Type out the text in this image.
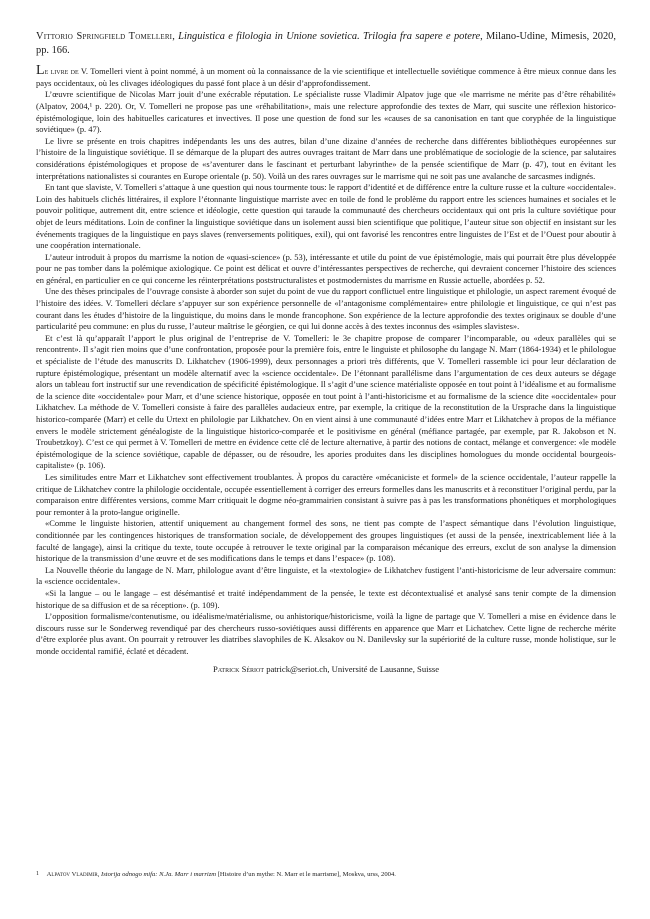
Vittorio Springfield Tomelleri, Linguistica e filologia in Unione sovietica. Trilogia fra sapere e potere, Milano-Udine, Mimesis, 2020, pp. 166.

Le livre de V. Tomelleri vient à point nommé, à un moment où la connaissance de la vie scientifique et intellectuelle soviétique commence à être mieux connue dans les pays occidentaux, où les clivages idéologiques du passé font place à un désir d’approfondissement.

L’œuvre scientifique de Nicolas Marr jouit d’une exécrable réputation. Le spécialiste russe Vladimir Alpatov juge que «le marrisme ne mérite pas d’être réhabilité» (Alpatov, 2004,¹ p. 220). Or, V. Tomelleri ne propose pas une «réhabilitation», mais une relecture approfondie des textes de Marr, qui suscite une réflexion historico-épistémologique, loin des habituelles caricatures et invectives. Il pose une question de fond sur les «causes de sa canonisation en tant que coryphée de la linguistique soviétique» (p. 47).

Le livre se présente en trois chapitres indépendants les uns des autres, bilan d’une dizaine d’années de recherche dans différentes bibliothèques européennes sur l’histoire de la linguistique soviétique. Il se démarque de la plupart des autres ouvrages traitant de Marr dans une problématique de sociologie de la science, par salutaires considérations épistémologiques et propose de «s’aventurer dans le fascinant et perturbant labyrinthe» de la pensée scientifique de Marr (p. 47), tout en évitant les interprétations nationalistes si courantes en Europe orientale (p. 50). Voilà un des rares ouvrages sur le marrisme qui ne soit pas une avalanche de sarcasmes indignés.

En tant que slaviste, V. Tomelleri s’attaque à une question qui nous tourmente tous: le rapport d’identité et de différence entre la culture russe et la culture «occidentale». Loin des habituels clichés littéraires, il explore l’étonnante linguistique marriste avec en toile de fond le problème du rapport entre les sciences humaines et sociales et le pouvoir politique, autrement dit, entre science et idéologie, cette question qui taraude la communauté des chercheurs occidentaux qui ont pris la culture soviétique pour objet de leurs méditations. Loin de confiner la linguistique soviétique dans un isolement aussi bien scientifique que politique, l’auteur situe son objectif en insistant sur les événements tragiques de la linguistique en pays slaves (renversements politiques, exil), qui ont favorisé les rencontres entre linguistes de l’Est et de l’Ouest pour aboutir à une coopération internationale.

L’auteur introduit à propos du marrisme la notion de «quasi-science» (p. 53), intéressante et utile du point de vue épistémologie, mais qui pourrait être plus développée pour ne pas tomber dans la polémique axiologique. Ce point est délicat et ouvre d’intéressantes perspectives de recherche, qui devraient concerner l’histoire des sciences en général, en particulier en ce qui concerne les réinterprétations poststructuralistes et postmodernistes du marrisme en Russie actuelle, abordées p. 52.

Une des thèses principales de l’ouvrage consiste à aborder son sujet du point de vue du rapport conflictuel entre linguistique et philologie, un aspect rarement évoqué de l’histoire des idées. V. Tomelleri déclare s’appuyer sur son expérience personnelle de «l’antagonisme complémentaire» entre philologie et linguistique, ce qui n’est pas courant dans les études d’histoire de la linguistique, du moins dans le monde francophone. Son expérience de la lecture approfondie des textes originaux se double d’une particularité peu commune: en plus du russe, l’auteur maîtrise le géorgien, ce qui lui donne accès à des textes inconnus des «simples slavistes».

Et c’est là qu’apparaît l’apport le plus original de l’entreprise de V. Tomelleri: le 3e chapitre propose de comparer l’incomparable, ou «deux parallèles qui se rencontrent». Il s’agit rien moins que d’une confrontation, proposée pour la première fois, entre le linguiste et philosophe du langage N. Marr (1864-1934) et le philologue et spécialiste de l’étude des manuscrits D. Likhatchev (1906-1999), deux personnages a priori très différents, que V. Tomelleri rassemble ici pour leur déclaration de rupture épistémologique, présentant un modèle alternatif avec la «science occidentale». De l’étonnant parallélisme dans l’argumentation de ces deux auteurs se dégage alors un tableau fort instructif sur une revendication de spécificité épistémologique. Il s’agit d’une science matérialiste opposée en tout point à l’idéalisme et au formalisme de la science dite «occidentale» pour Marr, et d’une science historique, opposée en tout point à l’anti-historicisme et au formalisme de la science dite «occidentale» pour Likhatchev. La méthode de V. Tomelleri consiste à faire des parallèles audacieux entre, par exemple, la critique de la reconstitution de la Ursprache dans la linguistique historico-comparée (Marr) et celle du Urtext en philologie par Likhatchev. On en vient ainsi à une communauté d’idées entre Marr et Likhatchev à propos de la méfiance envers le modèle strictement généalogiste de la linguistique historico-comparée et le positivisme en général (méfiance partagée, par exemple, par R. Jakobson et N. Troubetzkoy). C’est ce qui permet à V. Tomelleri de mettre en évidence cette clé de lecture alternative, à partir des notions de contact, mélange et convergence: «le modèle épistémologique de la science soviétique, capable de dépasser, ou de résoudre, les apories produites dans les disciplines homologues du monde occidental bourgeois-capitaliste» (p. 106).

Les similitudes entre Marr et Likhatchev sont effectivement troublantes. À propos du caractère «mécaniciste et formel» de la science occidentale, l’auteur rappelle la critique de Likhatchev contre la philologie occidentale, occupée essentiellement à corriger des erreurs formelles dans les manuscrits et à reconstituer l’original perdu, par la comparaison entre différentes versions, comme Marr critiquait le dogme néo-grammairien consistant à suivre pas à pas les transformations phonétiques et morphologiques pour remonter à la proto-langue originelle.

«Comme le linguiste historien, attentif uniquement au changement formel des sons, ne tient pas compte de l’aspect sémantique dans l’évolution linguistique, conditionnée par les contingences historiques de transformation sociale, de développement des groupes linguistiques (et aussi de la pensée, inextricablement liée à la faculté de langage), ainsi la critique du texte, toute occupée à retrouver le texte original par la comparaison mécanique des erreurs, exclut de son analyse la dimension historique de la transmission d’une œuvre et de ses modifications dans le temps et dans l’espace» (p. 108).

La Nouvelle théorie du langage de N. Marr, philologue avant d’être linguiste, et la «textologie» de Likhatchev fustigent l’anti-historicisme de leur adversaire commun: la «science occidentale».

«Si la langue – ou le langage – est désémantisé et traité indépendamment de la pensée, le texte est décontextualisé et analysé sans tenir compte de la dimension historique de sa diffusion et de sa réception». (p. 109).

L’opposition formalisme/contenutisme, ou idéalisme/matérialisme, ou anhistorique/historicisme, voilà la ligne de partage que V. Tomelleri a mise en évidence dans le discours russe sur le Sonderweg revendiqué par des chercheurs russo-soviétiques aussi différents en apparence que Marr et Lichatchev. Cette ligne de recherche mérite d’être explorée plus avant. On pourrait y retrouver les diatribes slavophiles de K. Aksakov ou N. Danilevsky sur la supériorité de la culture russe, monde holistique, sur le monde occidental ramifié, éclaté et décadent.

Patrick Sériot patrick@seriot.ch, Université de Lausanne, Suisse
1 Alpatov Vladimir, Istorija odnogo mifa: N.Ja. Marr i marrizm [Histoire d’un mythe: N. Marr et le marrisme], Moskva, urss, 2004.
